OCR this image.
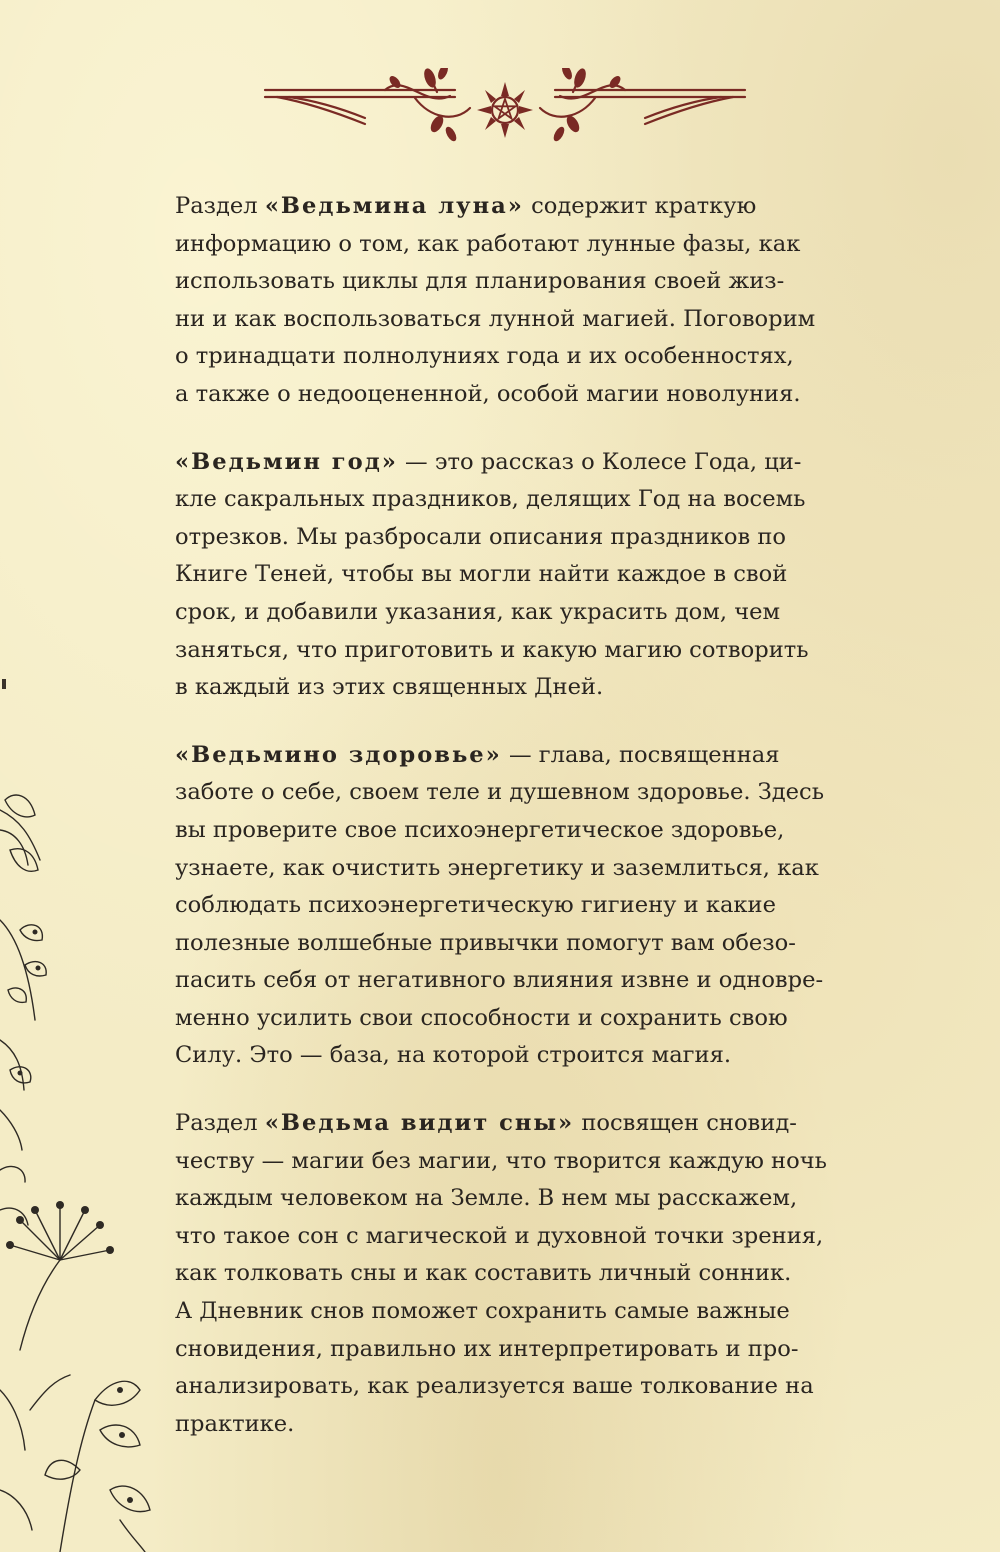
Раздел «Ведьмина луна» содержит краткую
информацию о том, как работают лунные фазы, как
использовать циклы для планирования своей жиз-
ни и как воспользоваться лунной магией. Поговорим
о тринадцати полнолуниях года и их особенностях,
а также о недооцененной, особой магии новолуния.

«Ведьмин год» — это рассказ о Колесе Года, ци-
кле сакральных праздников, делящих Год на восемь
отрезков. Мы разбросали описания праздников по
Книге Теней, чтобы вы могли найти каждое в свой
срок, и добавили указания, как украсить дом, чем
заняться, что приготовить и какую магию сотворить
в каждый из этих священных Дней.

«Ведьмино здоровье» — глава, посвященная
заботе о себе, своем теле и душевном здоровье. Здесь
вы проверите свое психоэнергетическое здоровье,
узнаете, как очистить энергетику и заземлиться, как
соблюдать психоэнергетическую гигиену и какие
полезные волшебные привычки помогут вам обезо-
пасить себя от негативного влияния извне и одновре-
менно усилить свои способности и сохранить свою
Силу. Это — база, на которой строится магия.

Раздел «Ведьма видит сны» посвящен сновид-
честву — магии без магии, что творится каждую ночь
каждым человеком на Земле. В нем мы расскажем,
что такое сон с магической и духовной точки зрения,
как толковать сны и как составить личный сонник.
А Дневник снов поможет сохранить самые важные
сновидения, правильно их интерпретировать и про-
анализировать, как реализуется ваше толкование на
практике.
